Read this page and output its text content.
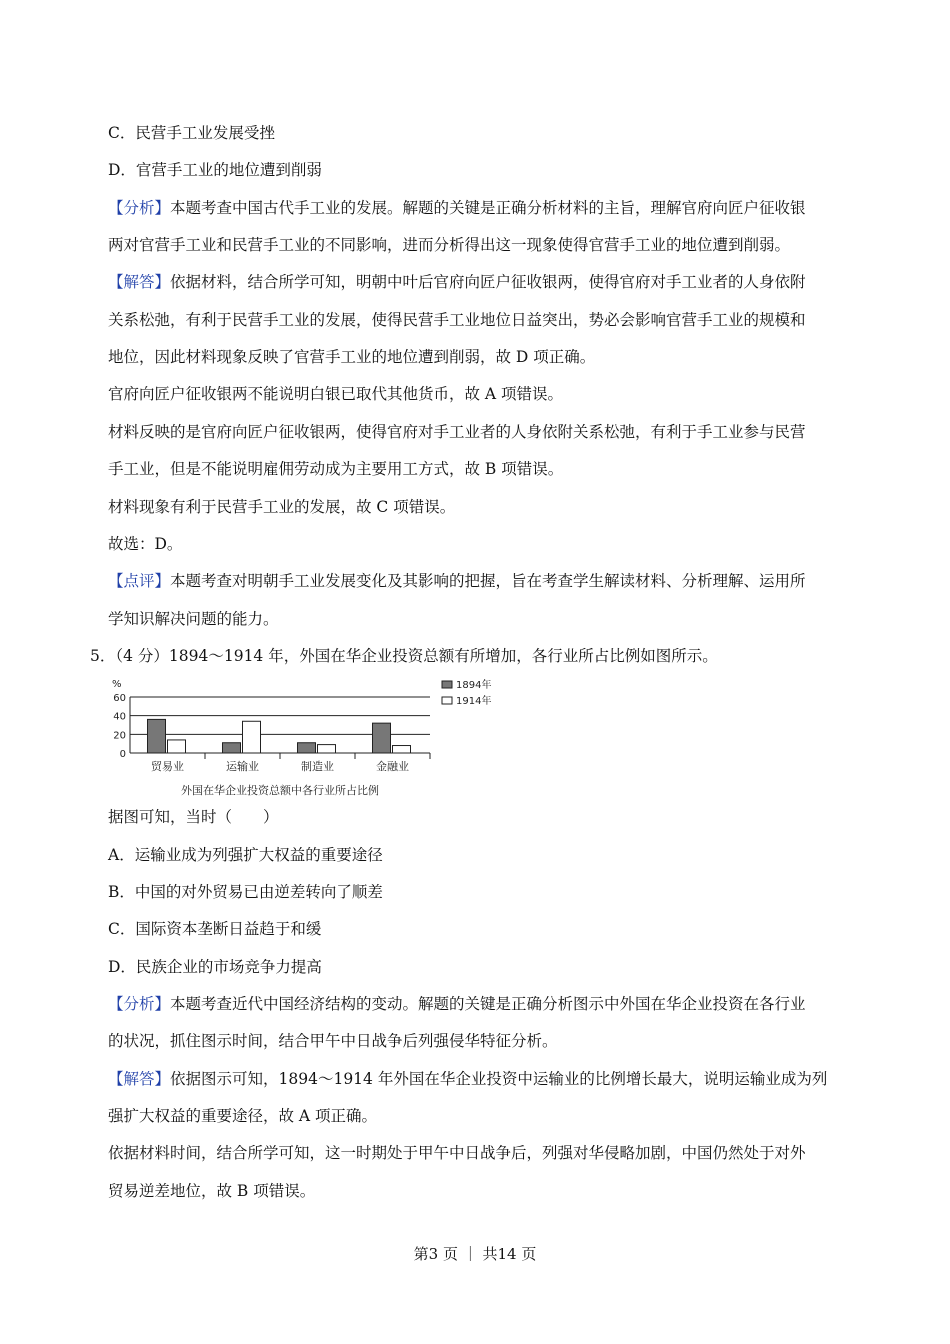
C．民营手工业发展受挫
D．官营手工业的地位遭到削弱
【分析】本题考查中国古代手工业的发展。解题的关键是正确分析材料的主旨，理解官府向匠户征收银
两对官营手工业和民营手工业的不同影响，进而分析得出这一现象使得官营手工业的地位遭到削弱。
【解答】依据材料，结合所学可知，明朝中叶后官府向匠户征收银两，使得官府对手工业者的人身依附
关系松弛，有利于民营手工业的发展，使得民营手工业地位日益突出，势必会影响官营手工业的规模和
地位，因此材料现象反映了官营手工业的地位遭到削弱，故 D 项正确。
官府向匠户征收银两不能说明白银已取代其他货币，故 A 项错误。
材料反映的是官府向匠户征收银两，使得官府对手工业者的人身依附关系松弛，有利于手工业参与民营
手工业，但是不能说明雇佣劳动成为主要用工方式，故 B 项错误。
材料现象有利于民营手工业的发展，故 C 项错误。
故选：D。
【点评】本题考查对明朝手工业发展变化及其影响的把握，旨在考查学生解读材料、分析理解、运用所
学知识解决问题的能力。
5．（4 分）1894～1914 年，外国在华企业投资总额有所增加，各行业所占比例如图所示。
%
0
20
40
60
贸易业	运输业	制造业	金融业
1894年
1914年
外国在华企业投资总额中各行业所占比例
据图可知，当时（　　）
A．运输业成为列强扩大权益的重要途径
B．中国的对外贸易已由逆差转向了顺差
C．国际资本垄断日益趋于和缓
D．民族企业的市场竞争力提高
【分析】本题考查近代中国经济结构的变动。解题的关键是正确分析图示中外国在华企业投资在各行业
的状况，抓住图示时间，结合甲午中日战争后列强侵华特征分析。
【解答】依据图示可知，1894～1914 年外国在华企业投资中运输业的比例增长最大，说明运输业成为列
强扩大权益的重要途径，故 A 项正确。
依据材料时间，结合所学可知，这一时期处于甲午中日战争后，列强对华侵略加剧，中国仍然处于对外
贸易逆差地位，故 B 项错误。
第3 页 ｜ 共14 页
